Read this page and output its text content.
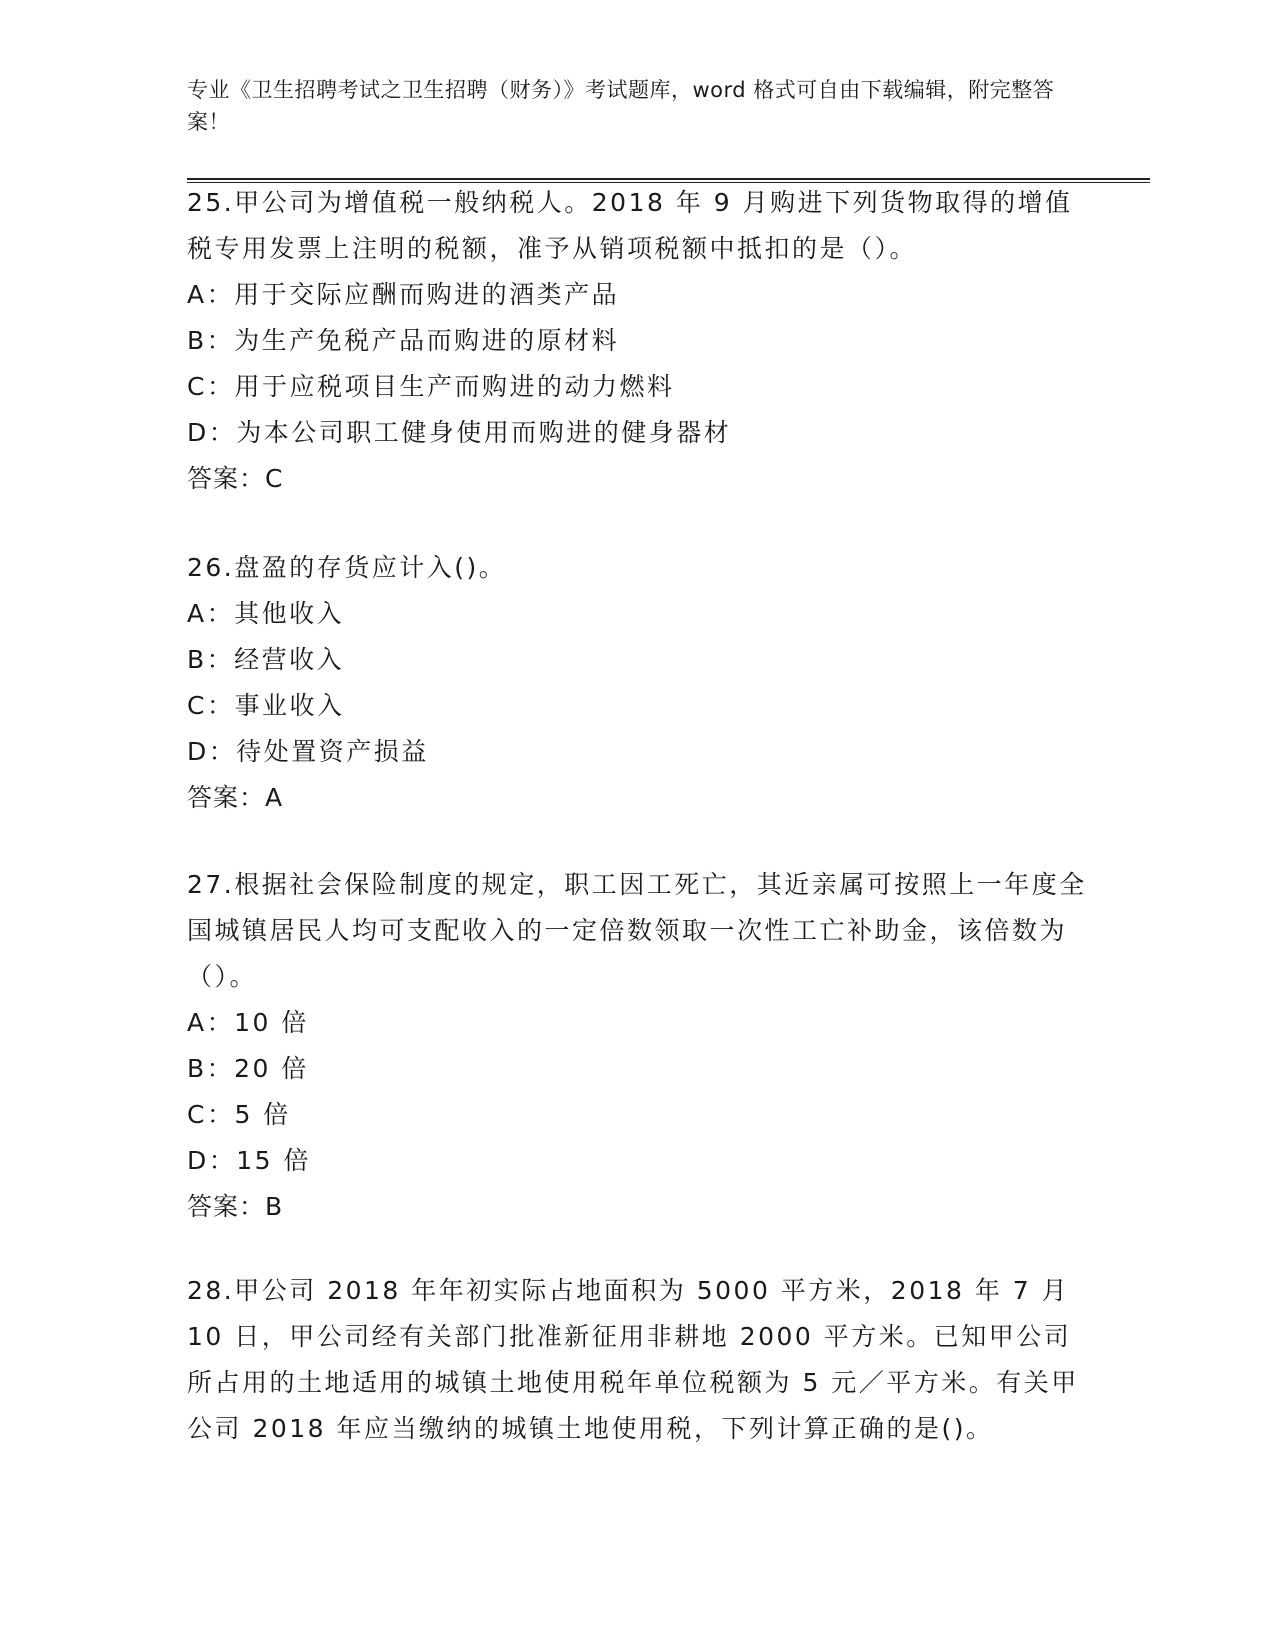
专业《卫生招聘考试之卫生招聘（财务）》考试题库，word 格式可自由下载编辑，附完整答案！

25.甲公司为增值税一般纳税人。2018 年 9 月购进下列货物取得的增值税专用发票上注明的税额，准予从销项税额中抵扣的是（）。

A：用于交际应酬而购进的酒类产品

B：为生产免税产品而购进的原材料

C：用于应税项目生产而购进的动力燃料

D：为本公司职工健身使用而购进的健身器材

答案：C

26.盘盈的存货应计入()。

A：其他收入

B：经营收入

C：事业收入

D：待处置资产损益

答案：A

27.根据社会保险制度的规定，职工因工死亡，其近亲属可按照上一年度全国城镇居民人均可支配收入的一定倍数领取一次性工亡补助金，该倍数为（）。

A：10 倍

B：20 倍

C：5 倍

D：15 倍

答案：B

28.甲公司 2018 年年初实际占地面积为 5000 平方米，2018 年 7 月 10 日，甲公司经有关部门批准新征用非耕地 2000 平方米。已知甲公司所占用的土地适用的城镇土地使用税年单位税额为 5 元／平方米。有关甲公司 2018 年应当缴纳的城镇土地使用税，下列计算正确的是()。
